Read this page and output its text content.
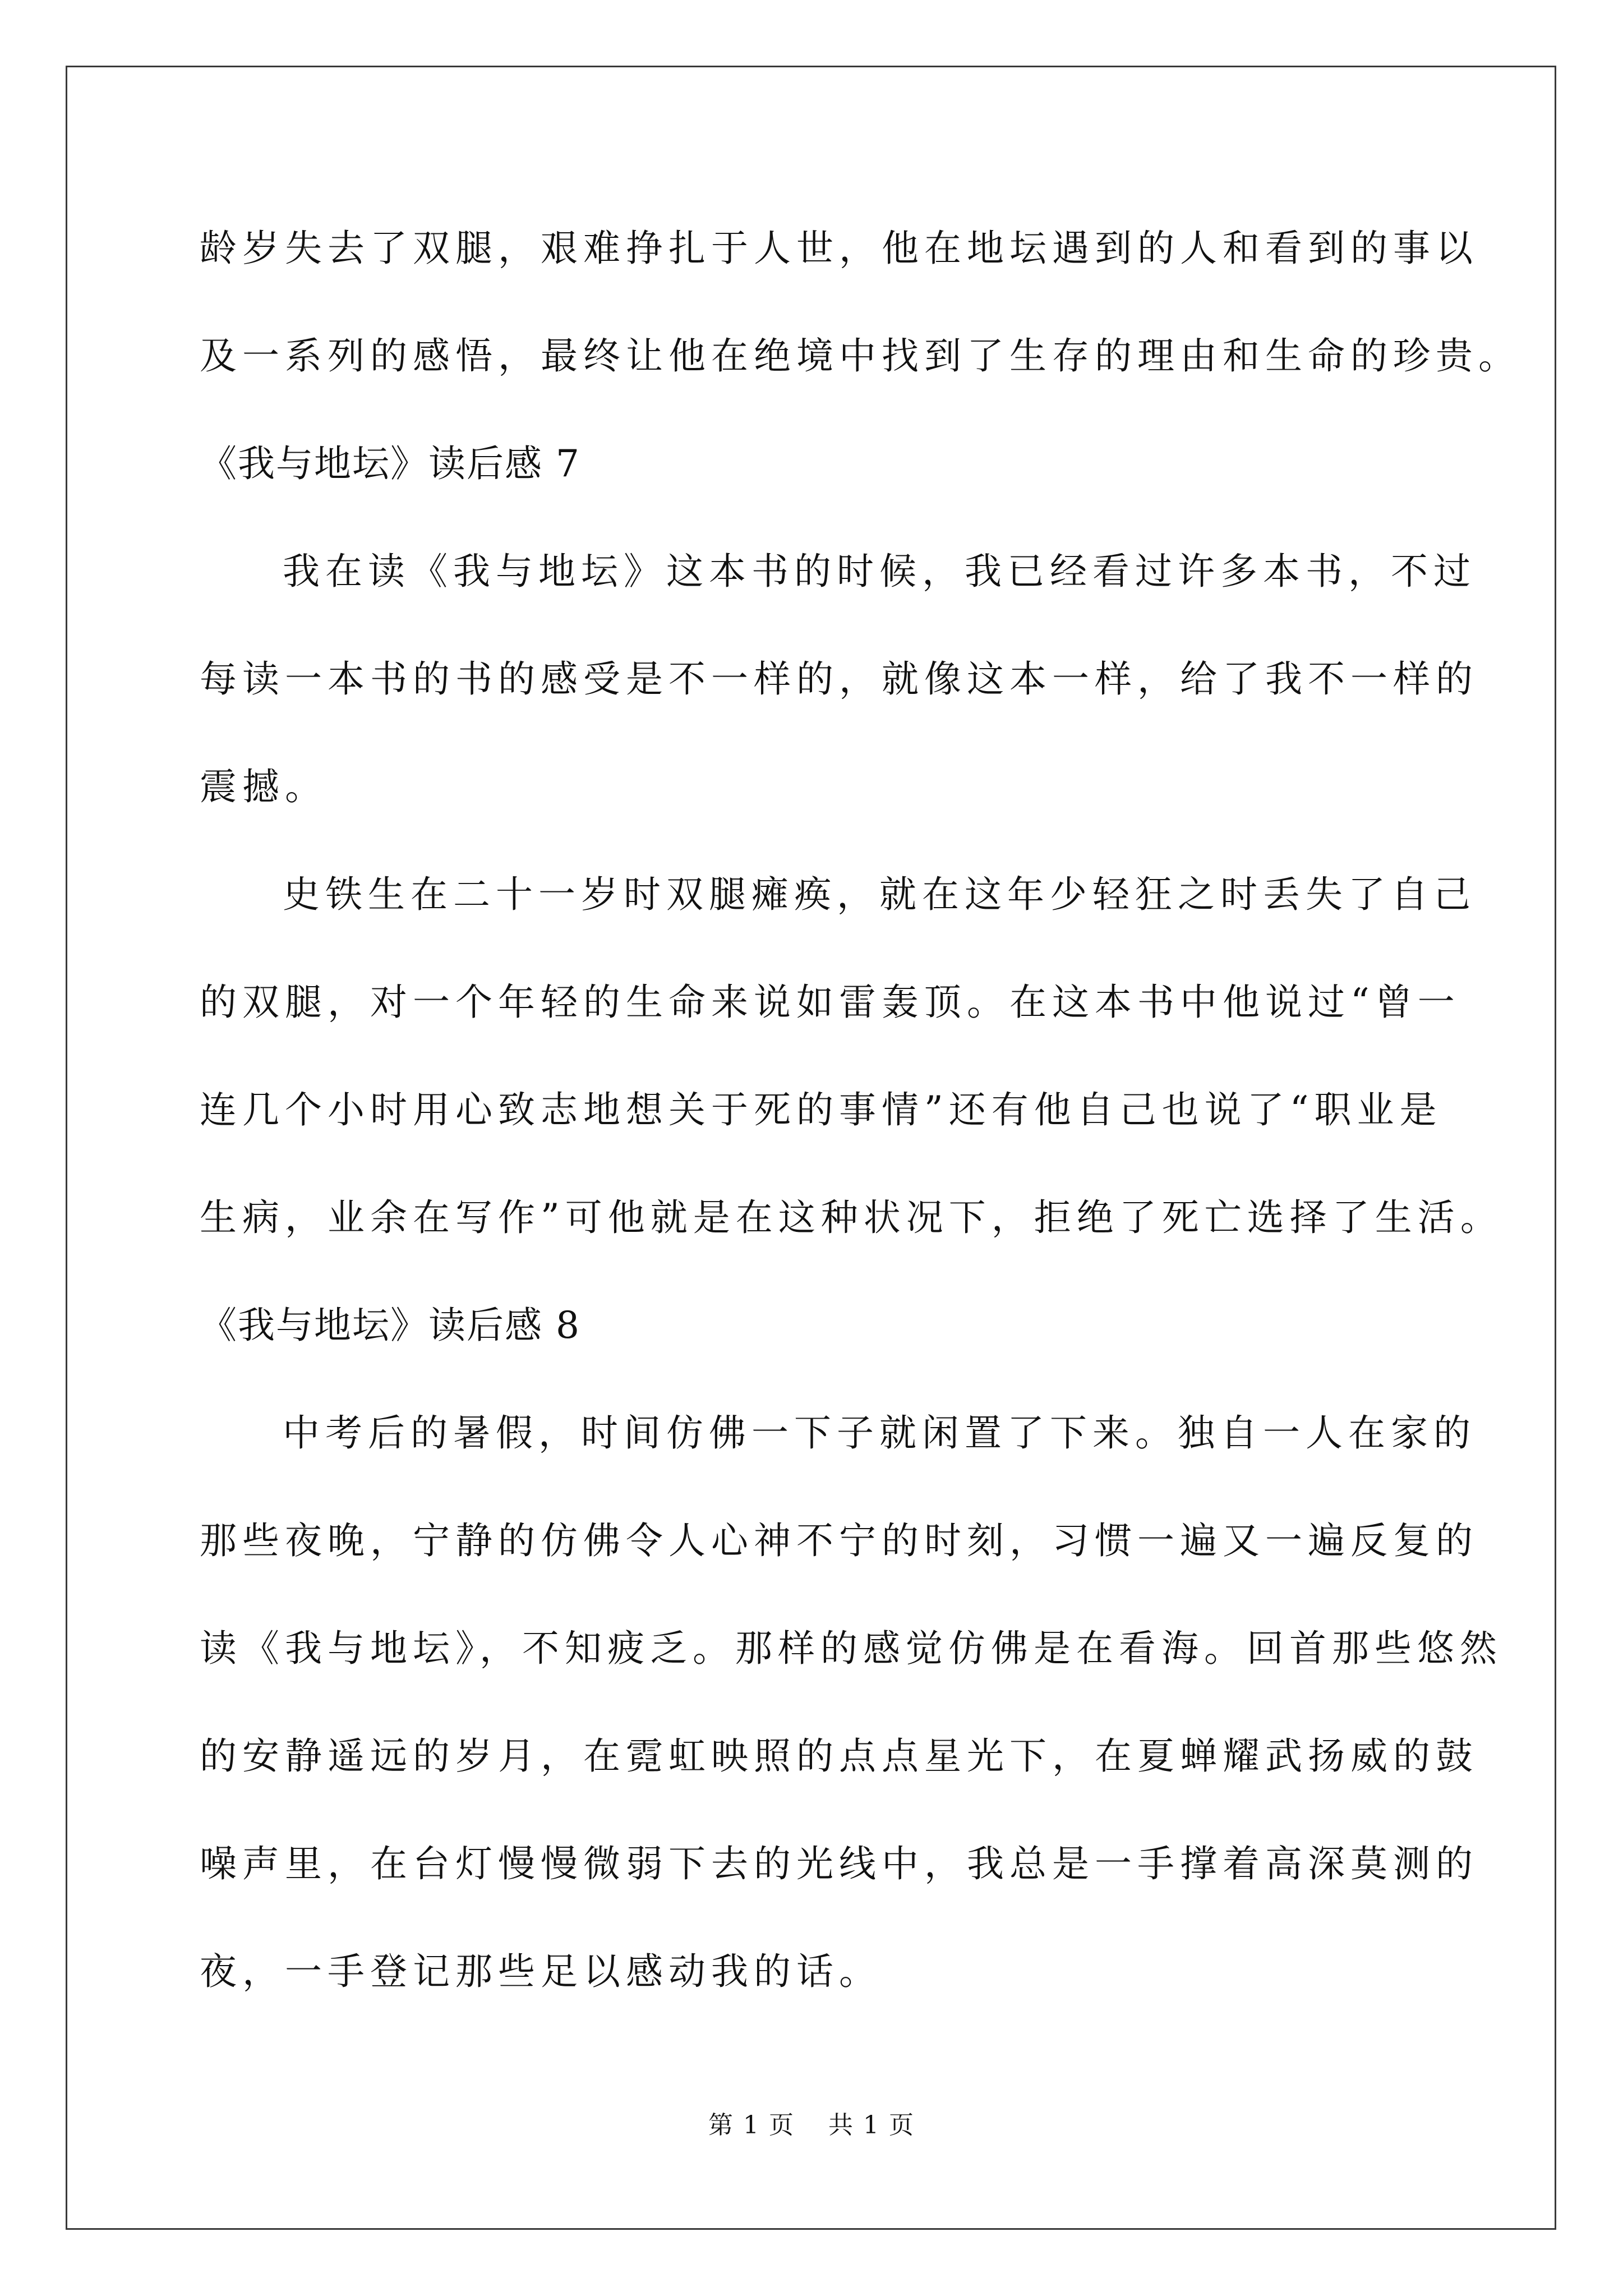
龄岁失去了双腿，艰难挣扎于人世，他在地坛遇到的人和看到的事以
及一系列的感悟，最终让他在绝境中找到了生存的理由和生命的珍贵。
《我与地坛》读后感 7
我在读《我与地坛》这本书的时候，我已经看过许多本书，不过
每读一本书的书的感受是不一样的，就像这本一样，给了我不一样的
震撼。
史铁生在二十一岁时双腿瘫痪，就在这年少轻狂之时丢失了自己
的双腿，对一个年轻的生命来说如雷轰顶。在这本书中他说过“曾一
连几个小时用心致志地想关于死的事情”还有他自己也说了“职业是
生病，业余在写作”可他就是在这种状况下，拒绝了死亡选择了生活。
《我与地坛》读后感 8
中考后的暑假，时间仿佛一下子就闲置了下来。独自一人在家的
那些夜晚，宁静的仿佛令人心神不宁的时刻，习惯一遍又一遍反复的
读《我与地坛》，不知疲乏。那样的感觉仿佛是在看海。回首那些悠然
的安静遥远的岁月，在霓虹映照的点点星光下，在夏蝉耀武扬威的鼓
噪声里，在台灯慢慢微弱下去的光线中，我总是一手撑着高深莫测的
夜，一手登记那些足以感动我的话。
第 1 页 共 1 页
